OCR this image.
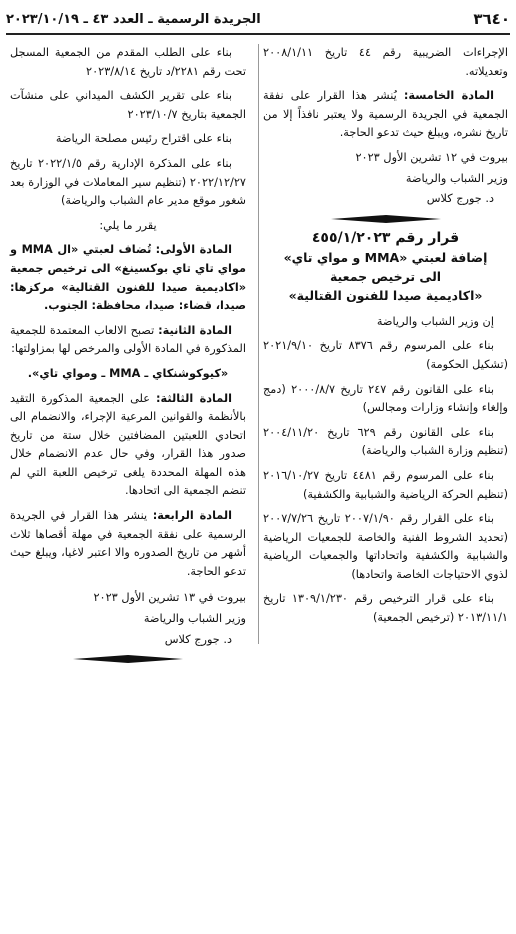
٣٦٤٠
الجريدة الرسمية ـ العدد ٤٣ ـ ٢٠٢٣/١٠/١٩

الإجراءات الضريبية رقم ٤٤ تاريخ ٢٠٠٨/١/١١ وتعديلاته.

المادة الخامسة: يُنشر هذا القرار على نفقة الجمعية في الجريدة الرسمية ولا يعتبر نافذاً إلا من تاريخ نشره، ويبلغ حيث تدعو الحاجة.

بيروت في ١٢ تشرين الأول ٢٠٢٣

وزير الشباب والرياضة

د. جورج كلاس

قرار رقم ٤٥٥/١/٢٠٢٣

إضافة لعبتي «MMA و مواي تاي»

الى ترخيص جمعية

«اكاديمية صيدا للفنون القتالية»

إن وزير الشباب والرياضة

بناء على المرسوم رقم ٨٣٧٦ تاريخ ٢٠٢١/٩/١٠ (تشكيل الحكومة)

بناء على القانون رقم ٢٤٧ تاريخ ٢٠٠٠/٨/٧ (دمج وإلغاء وإنشاء وزارات ومجالس)

بناء على القانون رقم ٦٢٩ تاريخ ٢٠٠٤/١١/٢٠ (تنظيم وزارة الشباب والرياضة)

بناء على المرسوم رقم ٤٤٨١ تاريخ ٢٠١٦/١٠/٢٧ (تنظيم الحركة الرياضية والشبابية والكشفية)

بناء على القرار رقم ٢٠٠٧/١/٩٠ تاريخ ٢٠٠٧/٧/٢٦ (تحديد الشروط الفنية والخاصة للجمعيات الرياضية والشبابية والكشفية واتحاداتها والجمعيات الرياضية لذوي الاحتياجات الخاصة واتحادها)

بناء على قرار الترخيص رقم ١٣٠٩/١/٢٣٠ تاريخ ٢٠١٣/١١/١ (ترخيص الجمعية)

بناء على الطلب المقدم من الجمعية المسجل تحت رقم ٢٢٨١/د تاريخ ٢٠٢٣/٨/١٤

بناء على تقرير الكشف الميداني على منشآت الجمعية بتاريخ ٢٠٢٣/١٠/٧

بناء على اقتراح رئيس مصلحة الرياضة

بناء على المذكرة الإدارية رقم ٢٠٢٢/١/٥ تاريخ ٢٠٢٢/١٢/٢٧ (تنظيم سير المعاملات في الوزارة بعد شغور موقع مدير عام الشباب والرياضة)

يقرر ما يلي:

المادة الأولى: تُضاف لعبتي «ال MMA و مواي تاي تاي بوكسينغ» الى ترخيص جمعية «اكاديمية صيدا للفنون القتالية» مركزها: صيدا، قضاء: صيدا، محافظة: الجنوب.

المادة الثانية: تصبح الالعاب المعتمدة للجمعية المذكورة في المادة الأولى والمرخص لها بمزاولتها:

«كيوكوشنكاي ـ MMA ـ ومواي تاي».

المادة الثالثة: على الجمعية المذكورة التقيد بالأنظمة والقوانين المرعية الإجراء، والانضمام الى اتحادي اللعبتين المضافتين خلال ستة من تاريخ صدور هذا القرار، وفي حال عدم الانضمام خلال هذه المهلة المحددة يلغى ترخيص اللعبة التي لم تنضم الجمعية الى اتحادها.

المادة الرابعة: ينشر هذا القرار في الجريدة الرسمية على نفقة الجمعية في مهلة أقصاها ثلاث أشهر من تاريخ الصدوره والا اعتبر لاغيا، ويبلغ حيث تدعو الحاجة.

بيروت في ١٣ تشرين الأول ٢٠٢٣

وزير الشباب والرياضة

د. جورج كلاس
